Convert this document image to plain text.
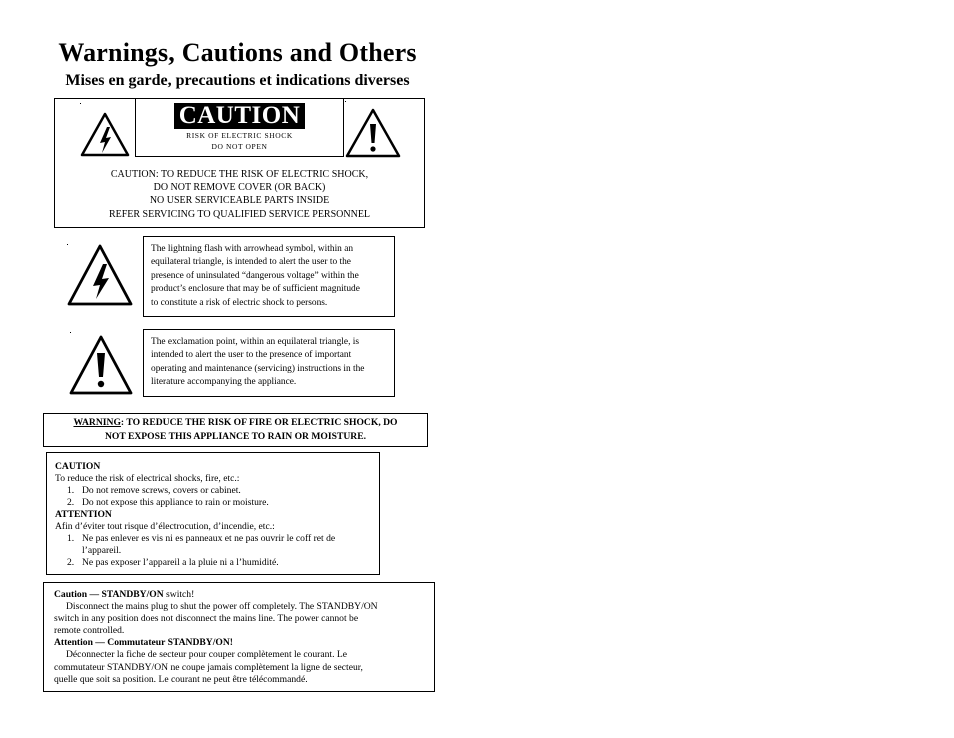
Warnings, Cautions and Others
Mises en garde, precautions et indications diverses
CAUTION
RISK OF ELECTRIC SHOCK
DO NOT OPEN
CAUTION: TO REDUCE THE RISK OF ELECTRIC SHOCK,
DO NOT REMOVE COVER (OR BACK)
NO USER SERVICEABLE PARTS INSIDE
REFER SERVICING TO QUALIFIED SERVICE PERSONNEL
The lightning flash with arrowhead symbol, within an
equilateral triangle, is intended to alert the user to the
presence of uninsulated “dangerous voltage” within the
product’s enclosure that may be of sufficient magnitude
to constitute a risk of electric shock to persons.
The exclamation point, within an equilateral triangle, is
intended to alert the user to the presence of important
operating and maintenance (servicing) instructions in the
literature accompanying the appliance.
WARNING: TO REDUCE THE RISK OF FIRE OR ELECTRIC SHOCK, DO
NOT EXPOSE THIS APPLIANCE TO RAIN OR MOISTURE.
CAUTION
To reduce the risk of electrical shocks, fire, etc.:
1. Do not remove screws, covers or cabinet.
2. Do not expose this appliance to rain or moisture.
ATTENTION
Afin d’éviter tout risque d’électrocution, d’incendie, etc.:
1. Ne pas enlever es vis ni es panneaux et ne pas ouvrir le coff ret de l’appareil.
2. Ne pas exposer l’appareil a la pluie ni a l’humidité.
Caution — STANDBY/ON switch!
Disconnect the mains plug to shut the power off completely. The STANDBY/ON
switch in any position does not disconnect the mains line. The power cannot be
remote controlled.
Attention — Commutateur STANDBY/ON!
Déconnecter la fiche de secteur pour couper complètement le courant. Le
commutateur STANDBY/ON ne coupe jamais complètement la ligne de secteur,
quelle que soit sa position. Le courant ne peut être télécommandé.
